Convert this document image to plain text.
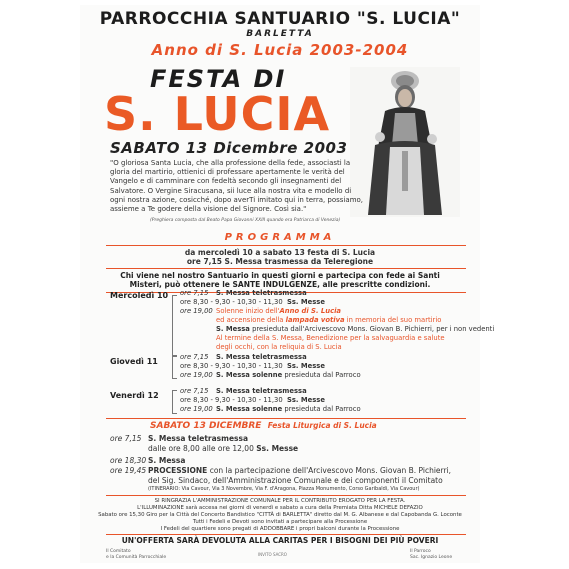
PARROCCHIA SANTUARIO "S. LUCIA"
BARLETTA
Anno di S. Lucia 2003-2004
FESTA DI
S. LUCIA
SABATO 13 Dicembre 2003
"O gloriosa Santa Lucia, che alla professione della fede, associasti la gloria del martirio, ottienici di professare apertamente le verità del Vangelo e di camminare con fedeltà secondo gli insegnamenti del Salvatore. O Vergine Siracusana, sii luce alla nostra vita e modello di ogni nostra azione, cosicché, dopo averTi imitato qui in terra, possiamo, assieme a Te godere della visione del Signore. Così sia."
(Preghiera composta dal Beato Papa Giovanni XXIII quando era Patriarca di Venezia)
PROGRAMMA
da mercoledì 10 a sabato 13 festa di S. Lucia
ore 7,15 S. Messa trasmessa da Teleregione
Chi viene nel nostro Santuario in questi giorni e partecipa con fede ai Santi
Misteri, può ottenere le SANTE INDULGENZE, alle prescritte condizioni.
Mercoledì 10 ore 7,15 S. Messa teletrasmessa
ore 8,30 - 9,30 - 10,30 - 11,30 Ss. Messe
ore 19,00 Solenne inizio dell'Anno di S. Lucia
ed accensione della lampada votiva in memoria del suo martirio
S. Messa presieduta dall'Arcivescovo Mons. Giovan B. Pichierri, per i non vedenti
Al termine della S. Messa, Benedizione per la salvaguardia e salute
degli occhi, con la reliquia di S. Lucia
Giovedì 11	ore 7,15 S. Messa teletrasmessa
ore 8,30 - 9,30 - 10,30 - 11,30 Ss. Messe
ore 19,00 S. Messa solenne presieduta dal Parroco
Venerdì 12	ore 7,15 S. Messa teletrasmessa
ore 8,30 - 9,30 - 10,30 - 11,30 Ss. Messe
ore 19,00 S. Messa solenne presieduta dal Parroco
SABATO 13 DICEMBRE Festa Liturgica di S. Lucia
ore 7,15 S. Messa teletrasmessa
dalle ore 8,00 alle ore 12,00 Ss. Messe
ore 18,30 S. Messa
ore 19,45 PROCESSIONE con la partecipazione dell'Arcivescovo Mons. Giovan B. Pichierri,
del Sig. Sindaco, dell'Amministrazione Comunale e dei componenti il Comitato
(ITINERARIO: Via Cavour, Via 3 Novembre, Via F. d'Aragona, Piazza Monumento, Corso Garibaldi, Via Cavour)
SI RINGRAZIA L'AMMINISTRAZIONE COMUNALE PER IL CONTRIBUTO EROGATO PER LA FESTA.
L'ILLUMINAZIONE sarà accesa nei giorni di venerdì e sabato a cura della Premiata Ditta MICHELE DEFAZIO
Sabato ore 15,30 Giro per la Città del Concerto Bandistico "CITTÀ di BARLETTA" diretto dal M. G. Albanese e dal Capobanda G. Loconte
Tutti i Fedeli e Devoti sono invitati a partecipare alla Processione
I Fedeli del quartiere sono pregati di ADDOBBARE i propri balconi durante la Processione
UN'OFFERTA SARÀ DEVOLUTA ALLA CARITAS PER I BISOGNI DEI PIÙ POVERI
Il Comitato
e la Comunità Parrocchiale	INVITO SACRO
Il Parroco
Sac. Ignazio Leone
